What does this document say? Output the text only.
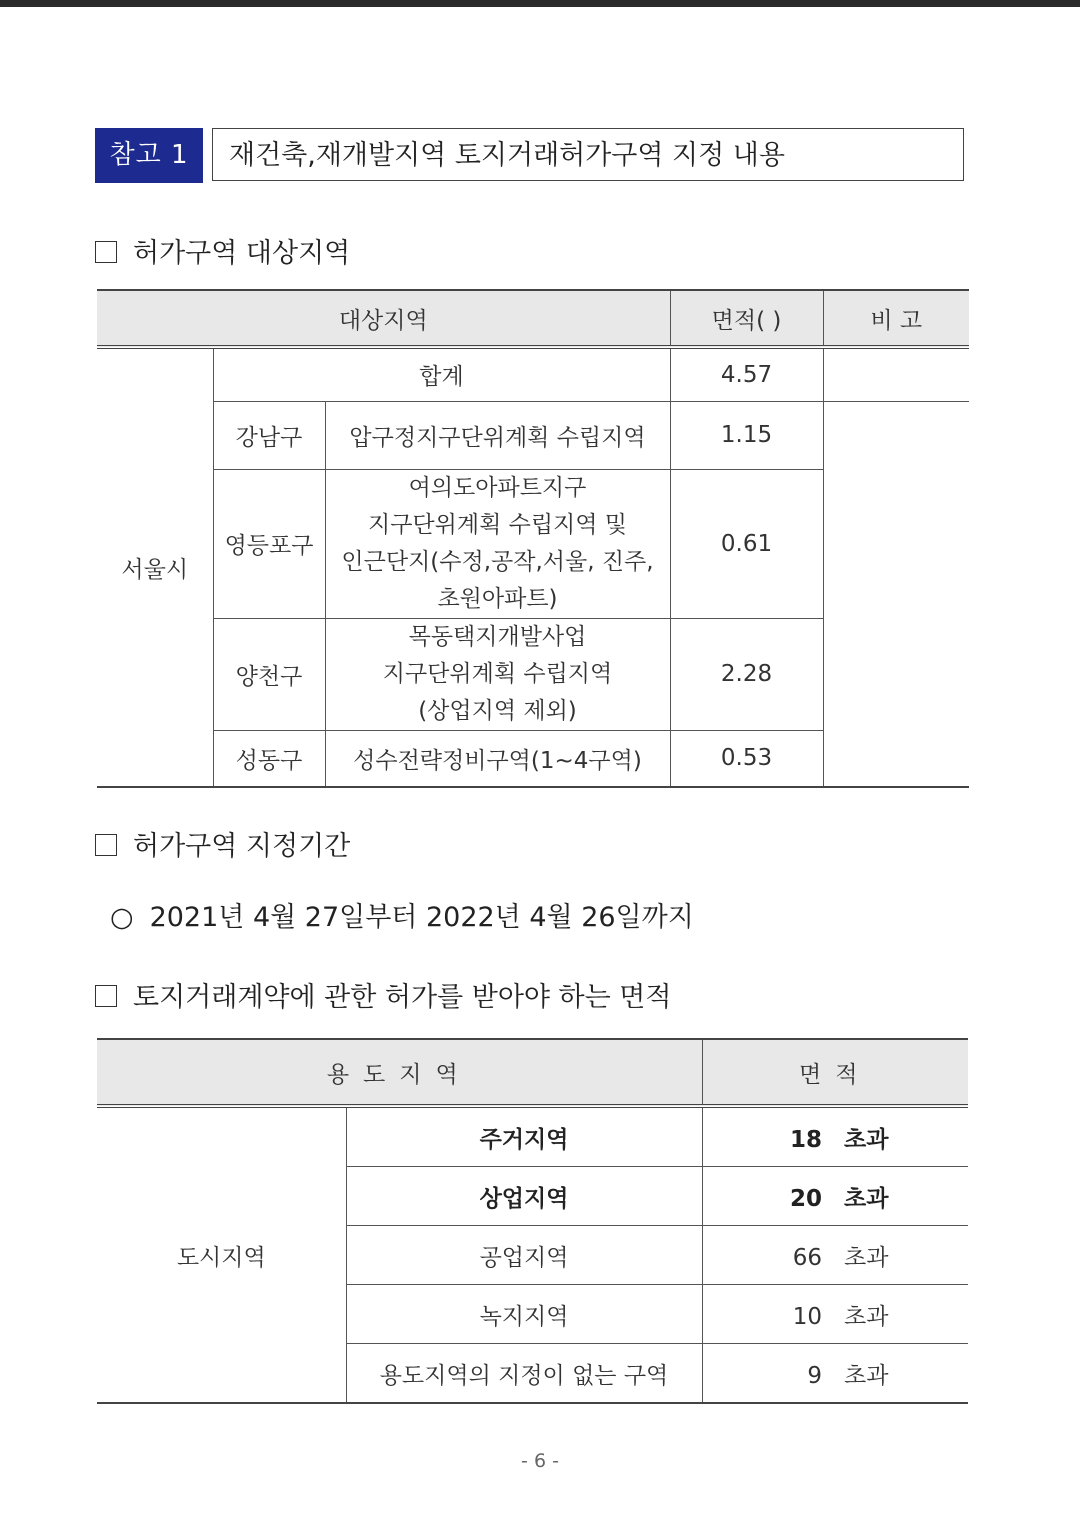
참고 1	재건축,재개발지역 토지거래허가구역 지정 내용
허가구역 대상지역
대상지역			면적( )	비 고
서울시	합계		4.57	
	강남구	압구정지구단위계획 수립지역	1.15	
	영등포구	여의도아파트지구
지구단위계획 수립지역 및
인근단지(수정,공작,서울, 진주,
초원아파트)	0.61	
	양천구	목동택지개발사업
지구단위계획 수립지역
(상업지역 제외)	2.28	
	성동구	성수전략정비구역(1~4구역)	0.53	
허가구역 지정기간
○ 2021년 4월 27일부터 2022년 4월 26일까지
토지거래계약에 관한 허가를 받아야 하는 면적
용도지역		면적
도시지역	주거지역	18 초과
	상업지역	20 초과
	공업지역	66 초과
	녹지지역	10 초과
	용도지역의 지정이 없는 구역	9 초과
- 6 -
